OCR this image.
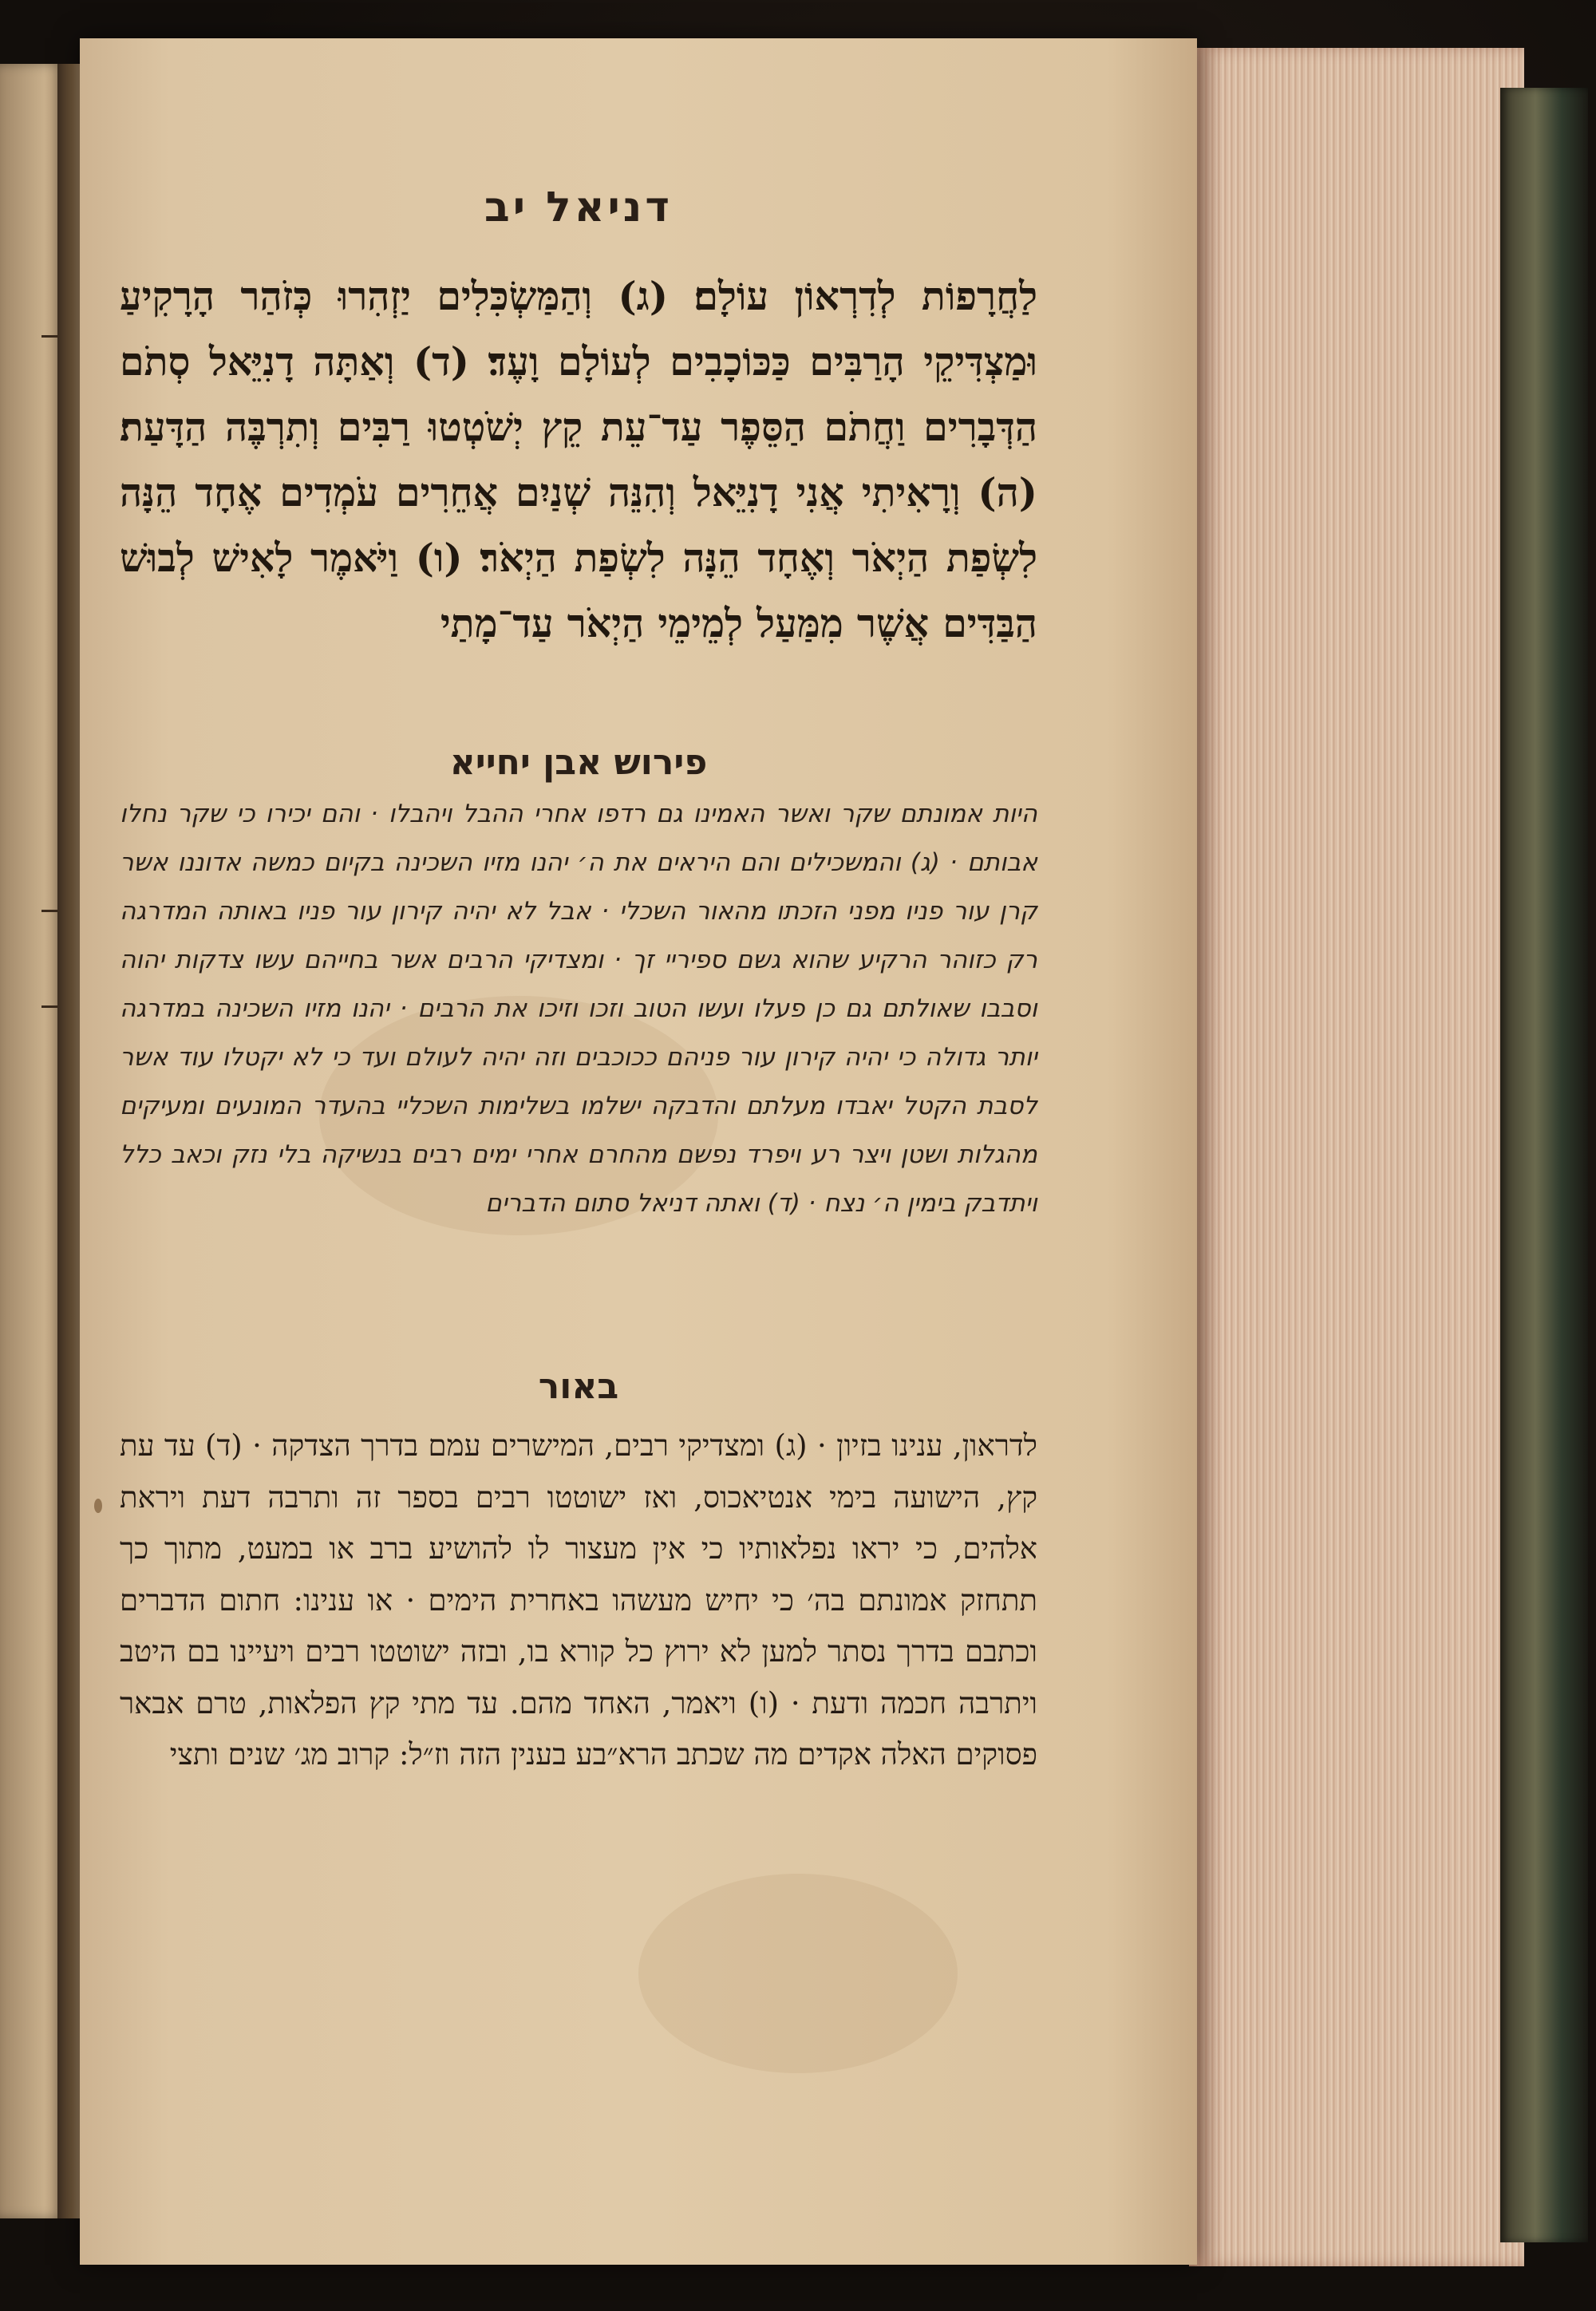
דניאל יב
לַחֲרָפוֹת לְדִרְאוֹן עוֹלָם׃ (ג) וְהַמַּשְׂכִּלִים יַזְהִרוּ כְּזֹהַר הָרָקִיעַ וּמַצְדִּיקֵי הָרַבִּים כַּכּוֹכָבִים לְעוֹלָם וָעֶד׃ (ד) וְאַתָּה דָנִיֵּאל סְתֹם הַדְּבָרִים וַחֲתֹם הַסֵּפֶר עַד־עֵת קֵץ יְשֹׁטְטוּ רַבִּים וְתִרְבֶּה הַדָּעַת׃ (ה) וְרָאִיתִי אֲנִי דָנִיֵּאל וְהִנֵּה שְׁנַיִם אֲחֵרִים עֹמְדִים אֶחָד הֵנָּה לִשְׂפַת הַיְאֹר וְאֶחָד הֵנָּה לִשְׂפַת הַיְאֹר׃ (ו) וַיֹּאמֶר לָאִישׁ לְבוּשׁ הַבַּדִּים אֲשֶׁר מִמַּעַל לְמֵימֵי הַיְאֹר עַד־מָתַי
פירוש אבן יחייא
היות אמונתם שקר ואשר האמינו גם רדפו אחרי ההבל ויהבלו · והם יכירו כי שקר נחלו אבותם · (ג) והמשכילים והם היראים את ה׳ יהנו מזיו השכינה בקיום כמשה אדוננו אשר קרן עור פניו מפני הזכתו מהאור השכלי · אבל לא יהיה קירון עור פניו באותה המדרגה רק כזוהר הרקיע שהוא גשם ספיריי זך · ומצדיקי הרבים אשר בחייהם עשו צדקות יהוה וסבבו שאולתם גם כן פעלו ועשו הטוב וזכו וזיכו את הרבים · יהנו מזיו השכינה במדרגה יותר גדולה כי יהיה קירון עור פניהם ככוכבים וזה יהיה לעולם ועד כי לא יקטלו עוד אשר לסבת הקטל יאבדו מעלתם והדבקה ישלמו בשלימות השכליי בהעדר המונעים ומעיקים מהגלות ושטן ויצר רע ויפרד נפשם מהחרם אחרי ימים רבים בנשיקה בלי נזק וכאב כלל ויתדבק בימין ה׳ נצח · (ד) ואתה דניאל סתום הדברים
באור
לדראון, ענינו בזיון · (ג) ומצדיקי רבים, המישרים עמם בדרך הצדקה · (ד) עד עת קץ, הישועה בימי אנטיאכוס, ואז ישוטטו רבים בספר זה ותרבה דעת ויראת אלהים, כי יראו נפלאותיו כי אין מעצור לו להושיע ברב או במעט, מתוך כך תתחזק אמונתם בה׳ כי יחיש מעשהו באחרית הימים · או ענינו: חתום הדברים וכתבם בדרך נסתר למען לא ירוץ כל קורא בו, ובזה ישוטטו רבים ויעיינו בם היטב ויתרבה חכמה ודעת · (ו) ויאמר, האחד מהם. עד מתי קץ הפלאות, טרם אבאר פסוקים האלה אקדים מה שכתב הרא״בע בענין הזה וז״ל: קרוב מג׳ שנים ותצי
